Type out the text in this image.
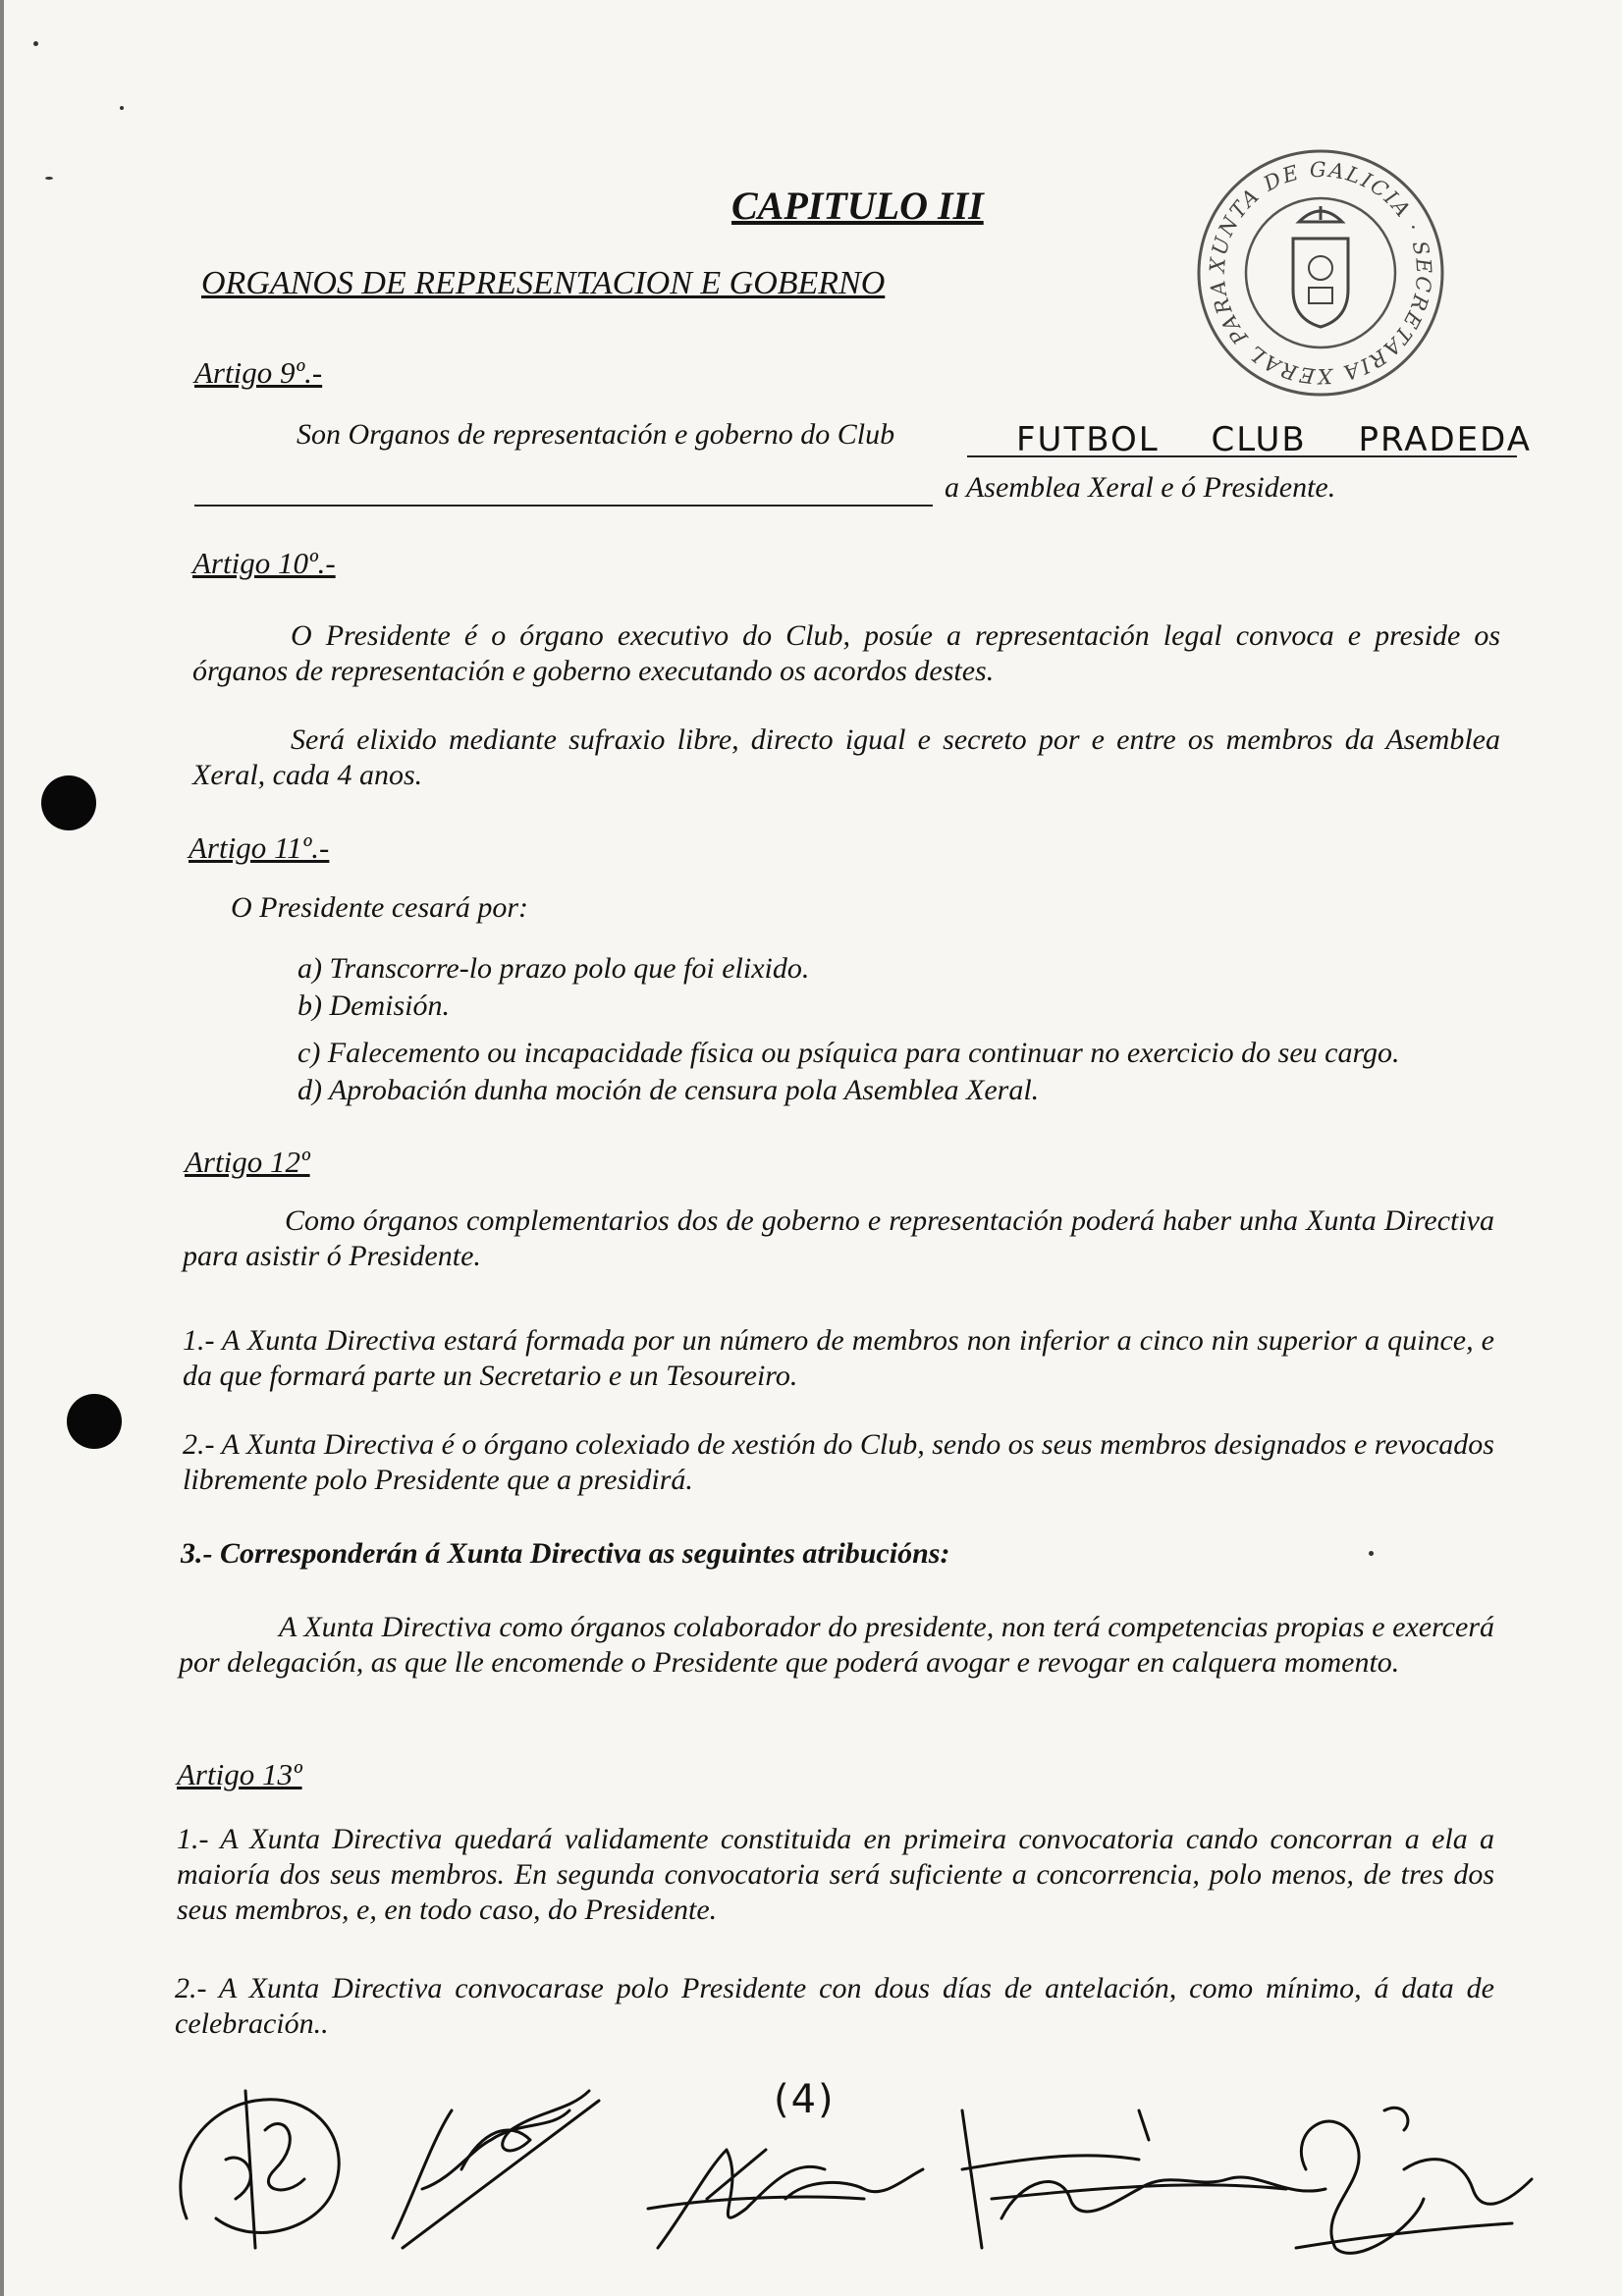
CAPITULO III
ORGANOS DE REPRESENTACION E GOBERNO
XUNTA DE GALICIA · SECRETARIA XERAL PARA
Artigo 9º.-
Son Organos de representación e goberno do Club	FUTBOL CLUB PRADEDA
a Asemblea Xeral e ó Presidente.
Artigo 10º.-
O Presidente é o órgano executivo do Club, posúe a representación legal convoca e preside os órganos de representación e goberno executando os acordos destes.
Será elixido mediante sufraxio libre, directo igual e secreto por e entre os membros da Asemblea Xeral, cada 4 anos.
Artigo 11º.-
O Presidente cesará por:
a) Transcorre-lo prazo polo que foi elixido.
b) Demisión.
c) Falecemento ou incapacidade física ou psíquica para continuar no exercicio do seu cargo.
d) Aprobación dunha moción de censura pola Asemblea Xeral.
Artigo 12º
Como órganos complementarios dos de goberno e representación poderá haber unha Xunta Directiva para asistir ó Presidente.
1.- A Xunta Directiva estará formada por un número de membros non inferior a cinco nin superior a quince, e da que formará parte un Secretario e un Tesoureiro.
2.- A Xunta Directiva é o órgano colexiado de xestión do Club, sendo os seus membros designados e revocados libremente polo Presidente que a presidirá.
3.- Corresponderán á Xunta Directiva as seguintes atribucións:
A Xunta Directiva como órganos colaborador do presidente, non terá competencias propias e exercerá por delegación, as que lle encomende o Presidente que poderá avogar e revogar en calquera momento.
Artigo 13º
1.- A Xunta Directiva quedará validamente constituida en primeira convocatoria cando concorran a ela a maioría dos seus membros. En segunda convocatoria será suficiente a concorrencia, polo menos, de tres dos seus membros, e, en todo caso, do Presidente.
2.- A Xunta Directiva convocarase polo Presidente con dous días de antelación, como mínimo, á data de celebración..
(4)
